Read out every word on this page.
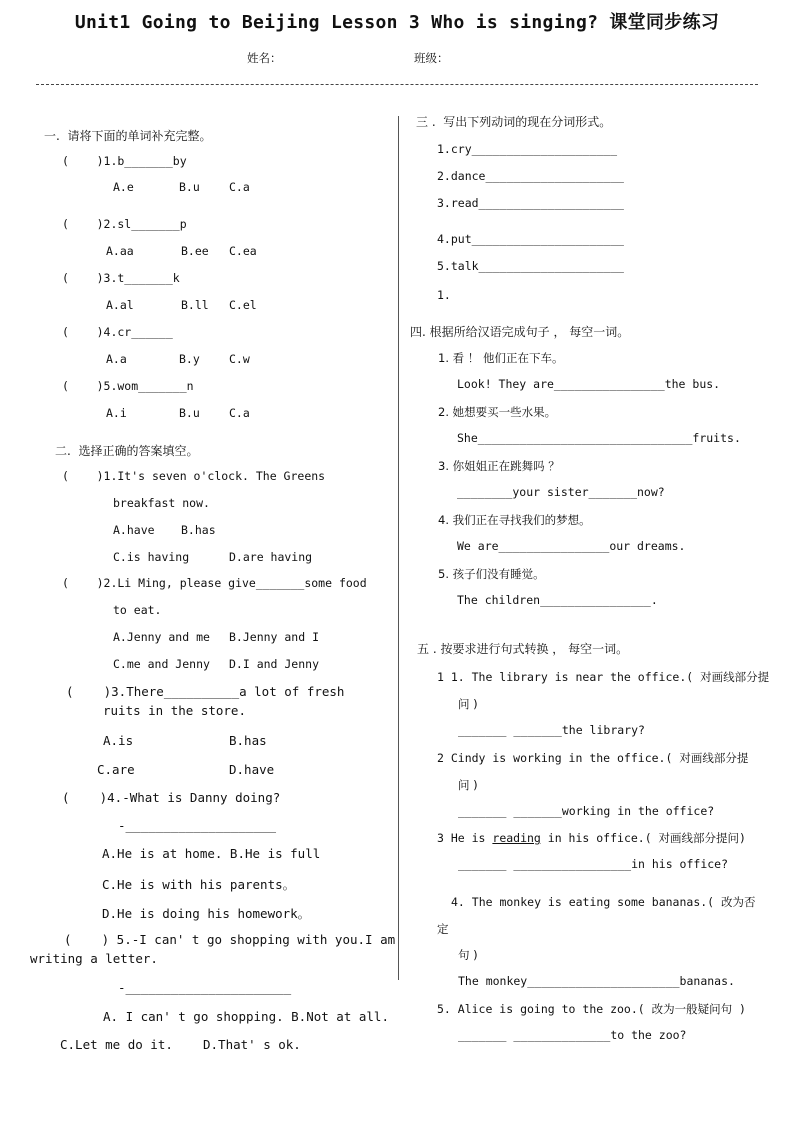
Unit1 Going to Beijing Lesson 3 Who is singing? 课堂同步练习
姓名：	班级：
一.  请将下面的单词补充完整。
(    )1.b_______by
A.e	B.u	C.a
(    )2.sl_______p
A.aa	B.ee C.ea
(    )3.t_______k
A.al	B.ll C.el
(    )4.cr______
A.a	B.y	C.w
(    )5.wom_______n
A.i	B.u	C.a
二.  选择正确的答案填空。
(    )1.It's seven o'clock. The Greens
breakfast now.
A.have B.has
C.is having	D.are having
(    )2.Li Ming, please give_______some food
to eat.
A.Jenny and me B.Jenny and I
C.me and Jenny D.I and Jenny
(    )3.There__________a lot of fresh
ruits in the store.
A.is	B.has
C.are	D.have
(    )4.-What is Danny doing?
-____________________
A.He is at home. B.He is full
C.He is with his parents。
D.He is doing his homework。
(    ) 5.-I can' t go shopping with you.I am
writing a letter.
-______________________
A. I can' t go shopping. B.Not at all.
C.Let me do it.    D.That' s ok.
三 .  写出下列动词的现在分词形式。
1.cry_____________________
2.dance____________________
3.read_____________________
4.put______________________
5.talk_____________________
1.
四. 根据所给汉语完成句子 ， 每空一词。
1. 看 ！ 他们正在下车。
Look! They are________________the bus.
2. 她想要买一些水果。
She_______________________________fruits.
3. 你姐姐正在跳舞吗 ？
________your sister_______now?
4. 我们正在寻找我们的梦想。
We are________________our dreams.
5. 孩子们没有睡觉。
The children________________.
五 . 按要求进行句式转换 ， 每空一词。
1 1. The library is near the office.( 对画线部分提
问 )
_______ _______the library?
2 Cindy is working in the office.( 对画线部分提
问 )
_______ _______working in the office?
3 He is reading in his office.( 对画线部分提问)
_______ _________________in his office?
4. The monkey is eating some bananas.( 改为否
定
句 )
The monkey______________________bananas.
5. Alice is going to the zoo.( 改为一般疑问句 )
_______ ______________to the zoo?
